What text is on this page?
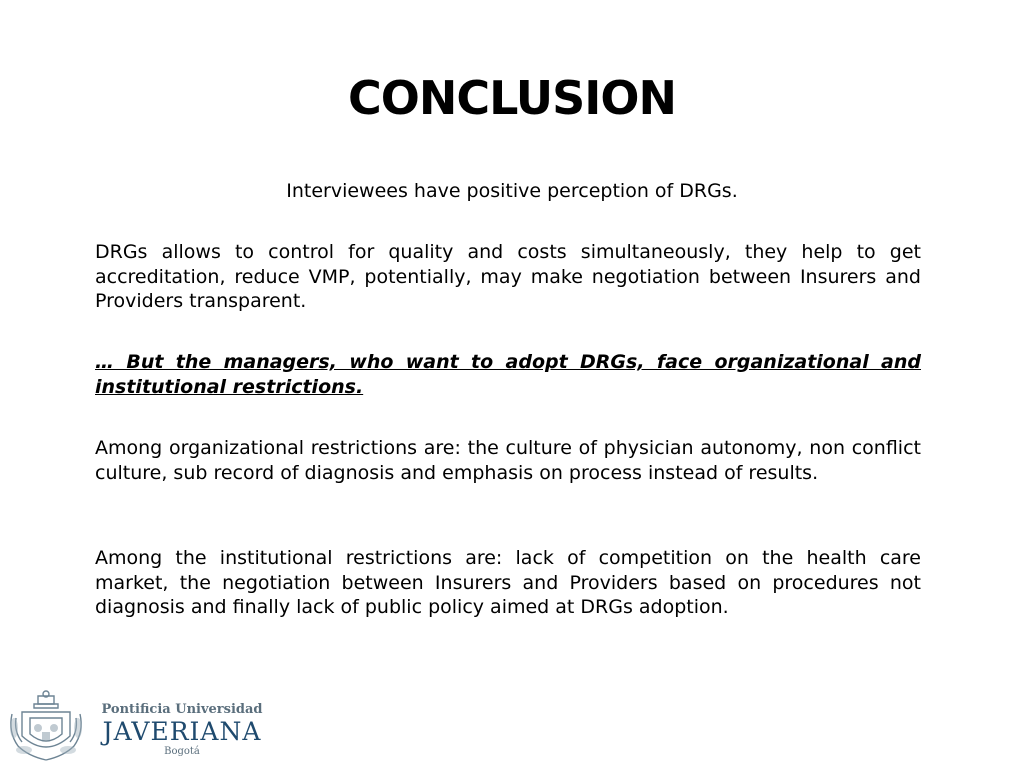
CONCLUSION

Interviewees have positive perception of DRGs.

DRGs allows to control for quality and costs simultaneously, they help to get accreditation, reduce VMP, potentially, may make negotiation between Insurers and Providers transparent.

… But the managers, who want to adopt DRGs, face organizational and institutional restrictions.

Among organizational restrictions are: the culture of physician autonomy, non conflict culture, sub record of diagnosis and emphasis on process instead of results.

Among the institutional restrictions are: lack of competition on the health care market, the negotiation between Insurers and Providers based on procedures not diagnosis and finally lack of public policy aimed at DRGs adoption.

Pontificia Universidad
JAVERIANA
Bogotá
